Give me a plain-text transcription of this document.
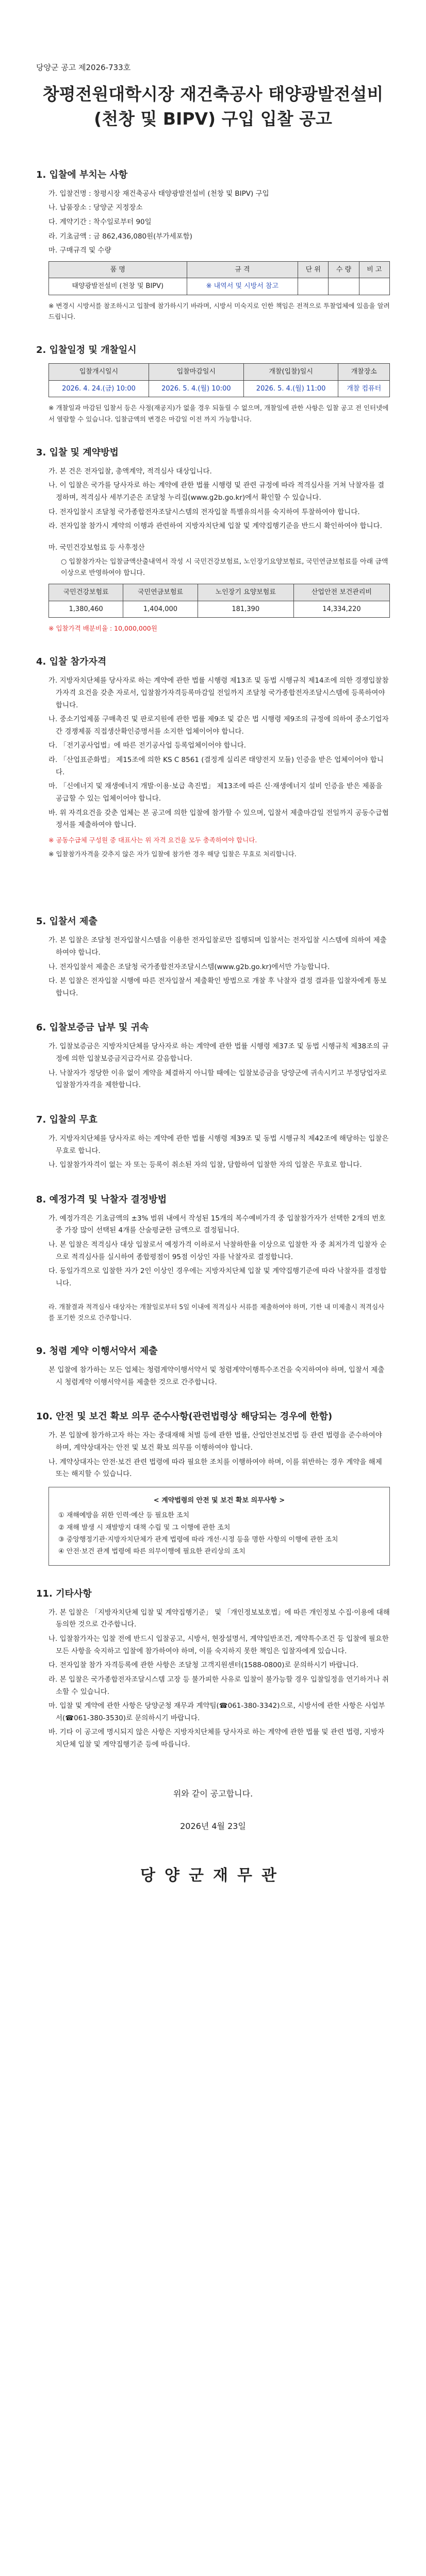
당양군 공고 제2026-733호
창평전원대학시장 재건축공사 태양광발전설비
(천창 및 BIPV) 구입 입찰 공고
1. 입찰에 부치는 사항
가. 입찰건명 : 창평시장 재건축공사 태양광발전설비 (천창 및 BIPV) 구입
나. 납품장소 : 당양군 지정장소
다. 계약기간 : 착수일로부터 90일
라. 기초금액 : 금 862,436,080원(부가세포함)
마. 구매규격 및 수량
품 명	규 격	단 위	수 량	비 고
태양광발전설비 (천창 및 BIPV)	※ 내역서 및 시방서 참고			
※ 변경시 시방서를 참조하시고 입찰에 참가하시기 바라며, 시방서 미숙지로 인한 책임은 전적으로 투찰업체에 있음을 알려드립니다.
2. 입찰일정 및 개찰일시
입찰개시일시	입찰마감일시	개찰(입찰)일시	개찰장소
2026. 4. 24.(금) 10:00	2026. 5. 4.(월) 10:00	2026. 5. 4.(월) 11:00	개찰 컴퓨터
※ 개찰일과 마감된 입찰서 등은 사정(재공지)가 없을 경우 되돌릴 수 없으며, 개찰일에 관한 사항은 입찰 공고 전 인터넷에서 열람할 수 있습니다. 입찰금액의 변경은 마감일 이전 까지 가능합니다.
3. 입찰 및 계약방법
가. 본 건은 전자입찰, 총액계약, 적격심사 대상입니다.
나. 이 입찰은 국가를 당사자로 하는 계약에 관한 법률 시행령 및 관련 규정에 따라 적격심사를 거쳐 낙찰자를 결정하며, 적격심사 세부기준은 조달청 누리집(www.g2b.go.kr)에서 확인할 수 있습니다.
다. 전자입찰시 조달청 국가종합전자조달시스템의 전자입찰 특별유의서를 숙지하여 투찰하여야 합니다.
라. 전자입찰 참가시 계약의 이행과 관련하여 지방자치단체 입찰 및 계약집행기준을 반드시 확인하여야 합니다.
마. 국민건강보험료 등 사후정산
○ 입찰참가자는 입찰금액산출내역서 작성 시 국민건강보험료, 노인장기요양보험료, 국민연금보험료를 아래 금액 이상으로 반영하여야 합니다.
국민건강보험료	국민연금보험료	노인장기 요양보험료	산업안전 보건관리비
1,380,460	1,404,000	181,390	14,334,220
※ 입찰가격 배분비율 : 10,000,000원
4. 입찰 참가자격
가. 지방자치단체를 당사자로 하는 계약에 관한 법률 시행령 제13조 및 동법 시행규칙 제14조에 의한 경쟁입찰참가자격 요건을 갖춘 자로서, 입찰참가자격등록마감일 전일까지 조달청 국가종합전자조달시스템에 등록하여야 합니다.
나. 중소기업제품 구매촉진 및 판로지원에 관한 법률 제9조 및 같은 법 시행령 제9조의 규정에 의하여 중소기업자간 경쟁제품 직접생산확인증명서를 소지한 업체이어야 합니다.
다. 「전기공사업법」에 따른 전기공사업 등록업체이어야 합니다.
라. 「산업표준화법」 제15조에 의한 KS C 8561 (결정계 실리콘 태양전지 모듈) 인증을 받은 업체이어야 합니다.
마. 「신에너지 및 재생에너지 개발·이용·보급 촉진법」 제13조에 따른 신·재생에너지 설비 인증을 받은 제품을 공급할 수 있는 업체이어야 합니다.
바. 위 자격요건을 갖춘 업체는 본 공고에 의한 입찰에 참가할 수 있으며, 입찰서 제출마감일 전일까지 공동수급협정서를 제출하여야 합니다.
※ 공동수급체 구성원 중 대표사는 위 자격 요건을 모두 충족하여야 합니다.
※ 입찰참가자격을 갖추지 않은 자가 입찰에 참가한 경우 해당 입찰은 무효로 처리합니다.
5. 입찰서 제출
가. 본 입찰은 조달청 전자입찰시스템을 이용한 전자입찰로만 집행되며 입찰서는 전자입찰 시스템에 의하여 제출하여야 합니다.
나. 전자입찰서 제출은 조달청 국가종합전자조달시스템(www.g2b.go.kr)에서만 가능합니다.
다. 본 입찰은 전자입찰 시행에 따른 전자입찰서 제출확인 방법으로 개찰 후 낙찰자 결정 결과를 입찰자에게 통보합니다.
6. 입찰보증금 납부 및 귀속
가. 입찰보증금은 지방자치단체를 당사자로 하는 계약에 관한 법률 시행령 제37조 및 동법 시행규칙 제38조의 규정에 의한 입찰보증금지급각서로 갈음합니다.
나. 낙찰자가 정당한 이유 없이 계약을 체결하지 아니할 때에는 입찰보증금을 당양군에 귀속시키고 부정당업자로 입찰참가자격을 제한합니다.
7. 입찰의 무효
가. 지방자치단체를 당사자로 하는 계약에 관한 법률 시행령 제39조 및 동법 시행규칙 제42조에 해당하는 입찰은 무효로 합니다.
나. 입찰참가자격이 없는 자 또는 등록이 취소된 자의 입찰, 담합하여 입찰한 자의 입찰은 무효로 합니다.
8. 예정가격 및 낙찰자 결정방법
가. 예정가격은 기초금액의 ±3% 범위 내에서 작성된 15개의 복수예비가격 중 입찰참가자가 선택한 2개의 번호 중 가장 많이 선택된 4개를 산술평균한 금액으로 결정됩니다.
나. 본 입찰은 적격심사 대상 입찰로서 예정가격 이하로서 낙찰하한율 이상으로 입찰한 자 중 최저가격 입찰자 순으로 적격심사를 실시하여 종합평점이 95점 이상인 자를 낙찰자로 결정합니다.
다. 동일가격으로 입찰한 자가 2인 이상인 경우에는 지방자치단체 입찰 및 계약집행기준에 따라 낙찰자를 결정합니다.
라. 개찰결과 적격심사 대상자는 개찰일로부터 5일 이내에 적격심사 서류를 제출하여야 하며, 기한 내 미제출시 적격심사를 포기한 것으로 간주합니다.
9. 청렴 계약 이행서약서 제출
본 입찰에 참가하는 모든 업체는 청렴계약이행서약서 및 청렴계약이행특수조건을 숙지하여야 하며, 입찰서 제출 시 청렴계약 이행서약서를 제출한 것으로 간주합니다.
10. 안전 및 보건 확보 의무 준수사항(관련법령상 해당되는 경우에 한함)
가. 본 입찰에 참가하고자 하는 자는 중대재해 처벌 등에 관한 법률, 산업안전보건법 등 관련 법령을 준수하여야 하며, 계약상대자는 안전 및 보건 확보 의무를 이행하여야 합니다.
나. 계약상대자는 안전·보건 관련 법령에 따라 필요한 조치를 이행하여야 하며, 이를 위반하는 경우 계약을 해제 또는 해지할 수 있습니다.
< 계약법령의 안전 및 보건 확보 의무사항 >
① 재해예방을 위한 인력·예산 등 필요한 조치
② 재해 발생 시 재발방지 대책 수립 및 그 이행에 관한 조치
③ 중앙행정기관·지방자치단체가 관계 법령에 따라 개선·시정 등을 명한 사항의 이행에 관한 조치
④ 안전·보건 관계 법령에 따른 의무이행에 필요한 관리상의 조치
11. 기타사항
가. 본 입찰은 「지방자치단체 입찰 및 계약집행기준」 및 「개인정보보호법」에 따른 개인정보 수집·이용에 대해 동의한 것으로 간주합니다.
나. 입찰참가자는 입찰 전에 반드시 입찰공고, 시방서, 현장설명서, 계약일반조건, 계약특수조건 등 입찰에 필요한 모든 사항을 숙지하고 입찰에 참가하여야 하며, 이를 숙지하지 못한 책임은 입찰자에게 있습니다.
다. 전자입찰 참가 자격등록에 관한 사항은 조달청 고객지원센터(1588-0800)로 문의하시기 바랍니다.
라. 본 입찰은 국가종합전자조달시스템 고장 등 불가피한 사유로 입찰이 불가능할 경우 입찰일정을 연기하거나 취소할 수 있습니다.
마. 입찰 및 계약에 관한 사항은 당양군청 재무과 계약팀(☎061-380-3342)으로, 시방서에 관한 사항은 사업부서(☎061-380-3530)로 문의하시기 바랍니다.
바. 기타 이 공고에 명시되지 않은 사항은 지방자치단체를 당사자로 하는 계약에 관한 법률 및 관련 법령, 지방자치단체 입찰 및 계약집행기준 등에 따릅니다.
위와 같이 공고합니다.
2026년 4월 23일
당양군재무관
